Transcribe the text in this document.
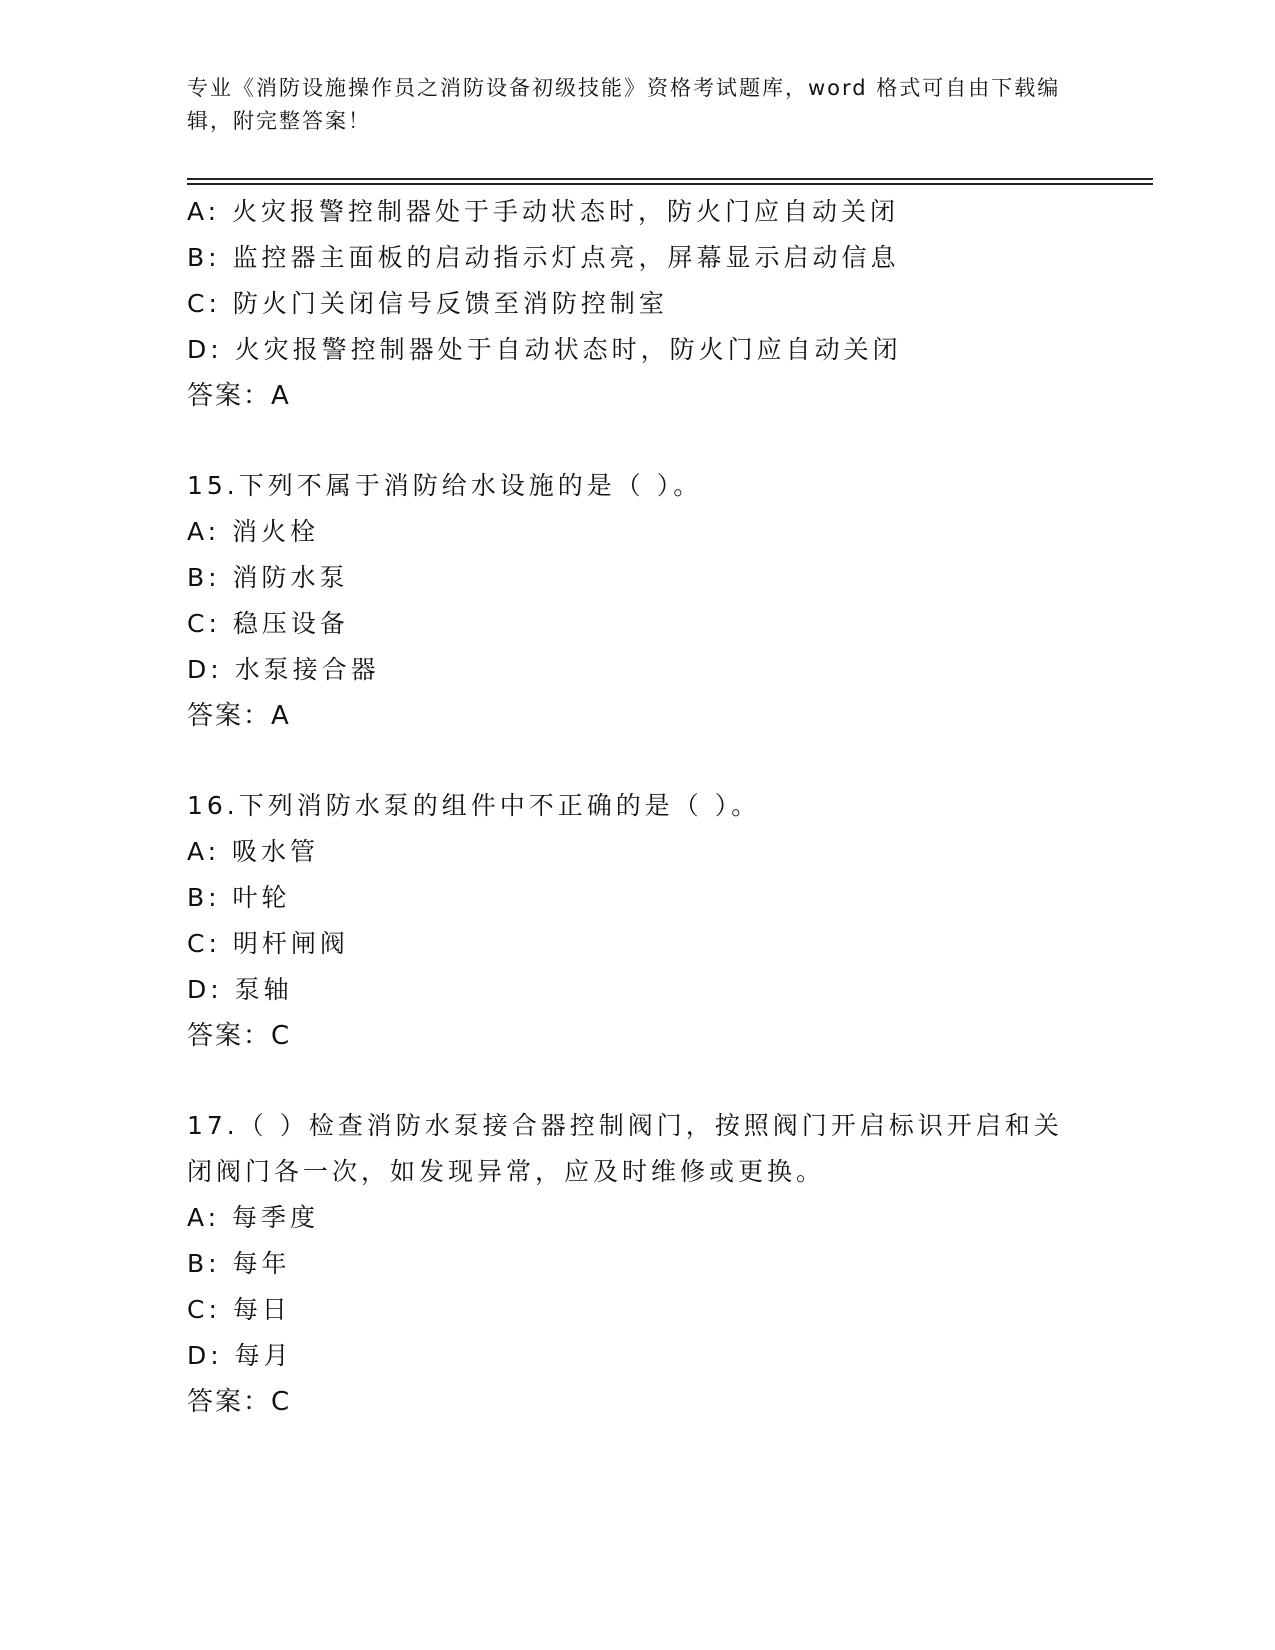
专业《消防设施操作员之消防设备初级技能》资格考试题库，word 格式可自由下载编辑，附完整答案！
A: 火灾报警控制器处于手动状态时，防火门应自动关闭
B: 监控器主面板的启动指示灯点亮，屏幕显示启动信息
C: 防火门关闭信号反馈至消防控制室
D: 火灾报警控制器处于自动状态时，防火门应自动关闭
答案：A
15.下列不属于消防给水设施的是（ ）。
A: 消火栓
B: 消防水泵
C: 稳压设备
D: 水泵接合器
答案：A
16.下列消防水泵的组件中不正确的是（ ）。
A: 吸水管
B: 叶轮
C: 明杆闸阀
D: 泵轴
答案：C
17.（ ）检查消防水泵接合器控制阀门，按照阀门开启标识开启和关
闭阀门各一次，如发现异常，应及时维修或更换。
A: 每季度
B: 每年
C: 每日
D: 每月
答案：C
